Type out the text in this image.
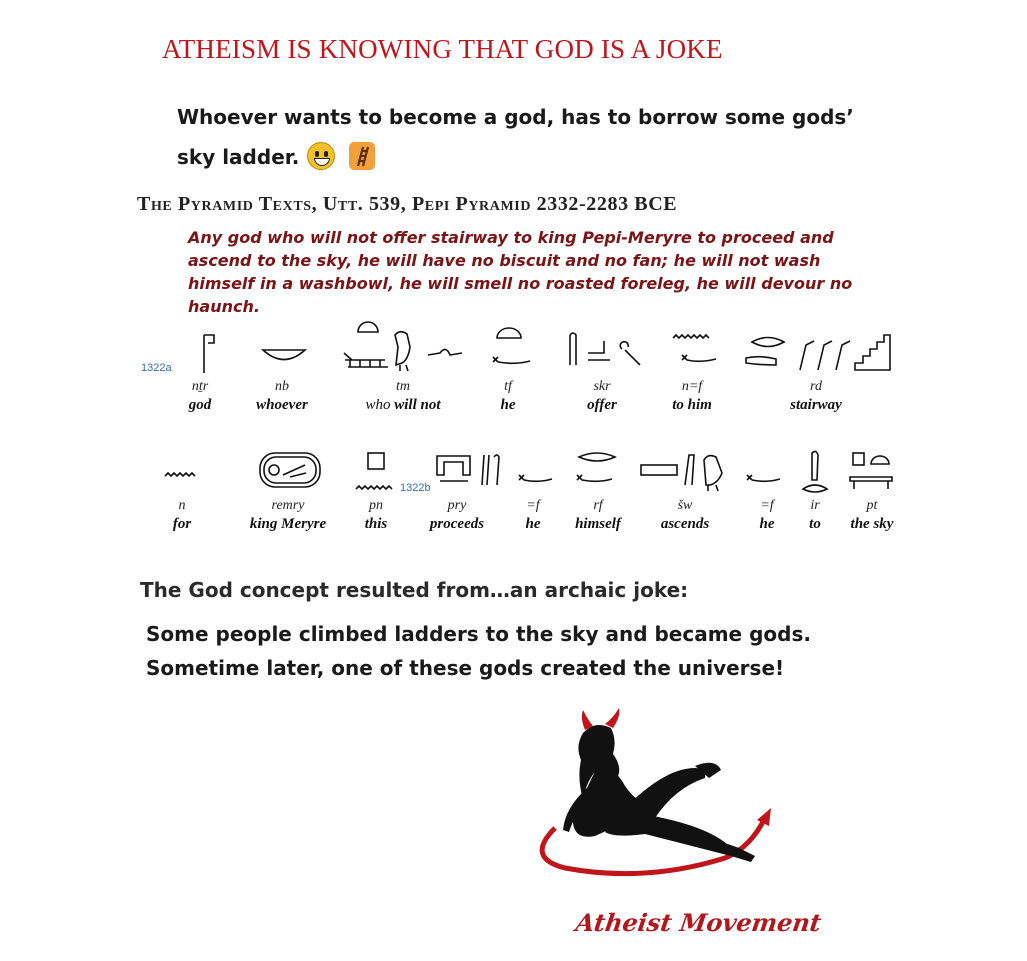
ATHEISM IS KNOWING THAT GOD IS A JOKE
Whoever wants to become a god, has to borrow some gods’
sky ladder.
The Pyramid Texts, Utt. 539, Pepi Pyramid 2332-2283 BCE
Any god who will not offer stairway to king Pepi-Meryre to proceed and ascend to the sky, he will have no biscuit and no fan; he will not wash himself in a washbowl, he will smell no roasted foreleg, he will devour no haunch.
1322a
nṯr
god
nb
whoever
tm
who will not
tf
he
skr
offer
n=f
to him
rd
stairway
1322b
n
for
remry
king Meryre
pn
this
pry
proceeds
=f
he
rf
himself
šw
ascends
=f
he
ir
to
pt
the sky
The God concept resulted from…an archaic joke:
Some people climbed ladders to the sky and became gods.
Sometime later, one of these gods created the universe!
Atheist Movement
